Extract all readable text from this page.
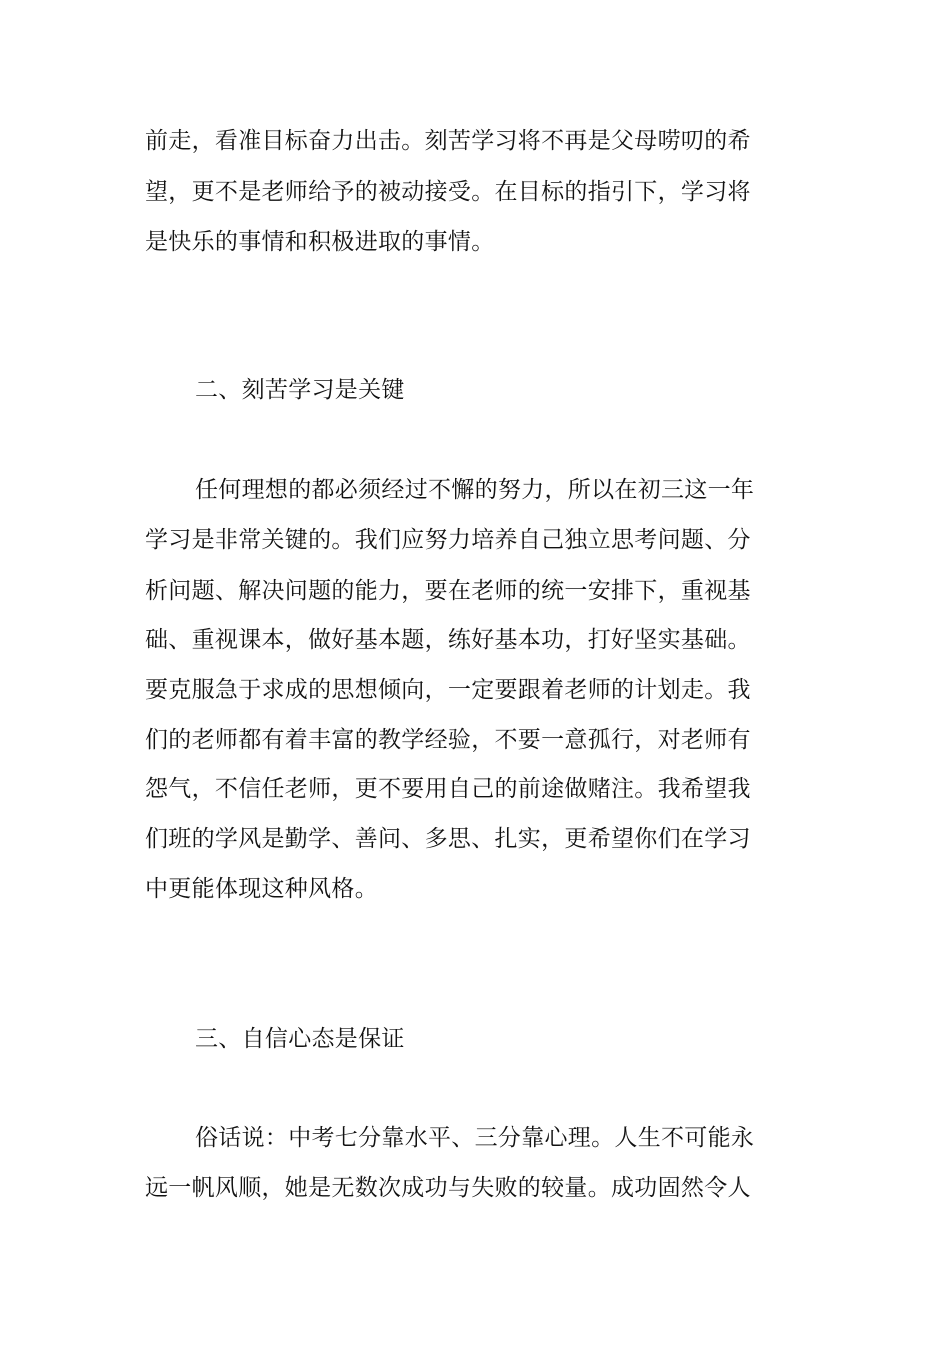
前走，看准目标奋力出击。刻苦学习将不再是父母唠叨的希
望，更不是老师给予的被动接受。在目标的指引下，学习将
是快乐的事情和积极进取的事情。
二、刻苦学习是关键
任何理想的都必须经过不懈的努力，所以在初三这一年
学习是非常关键的。我们应努力培养自己独立思考问题、分
析问题、解决问题的能力，要在老师的统一安排下，重视基
础、重视课本，做好基本题，练好基本功，打好坚实基础。
要克服急于求成的思想倾向，一定要跟着老师的计划走。我
们的老师都有着丰富的教学经验，不要一意孤行，对老师有
怨气，不信任老师，更不要用自己的前途做赌注。我希望我
们班的学风是勤学、善问、多思、扎实，更希望你们在学习
中更能体现这种风格。
三、自信心态是保证
俗话说：中考七分靠水平、三分靠心理。人生不可能永
远一帆风顺，她是无数次成功与失败的较量。成功固然令人
